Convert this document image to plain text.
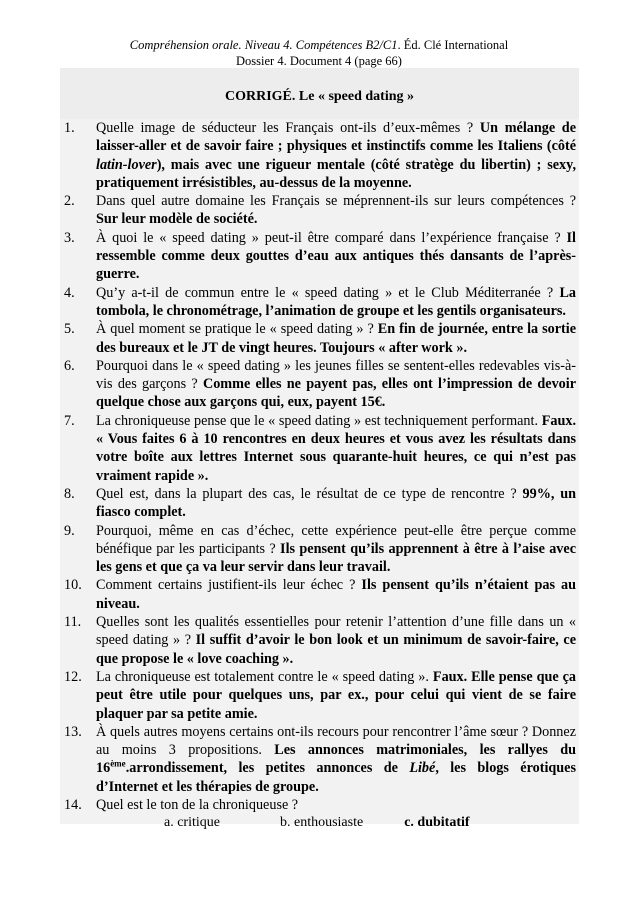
Compréhension orale. Niveau 4. Compétences B2/C1. Éd. Clé International
Dossier 4. Document 4 (page 66)
CORRIGÉ. Le « speed dating »
1.	Quelle image de séducteur les Français ont-ils d’eux-mêmes ? Un mélange de laisser-aller et de savoir faire ; physiques et instinctifs comme les Italiens (côté latin-lover), mais avec une rigueur mentale (côté stratège du libertin) ; sexy, pratiquement irrésistibles, au-dessus de la moyenne.
2.	Dans quel autre domaine les Français se méprennent-ils sur leurs compétences ? Sur leur modèle de société.
3.	À quoi le « speed dating » peut-il être comparé dans l’expérience française ? Il ressemble comme deux gouttes d’eau aux antiques thés dansants de l’après-guerre.
4.	Qu’y a-t-il de commun entre le « speed dating » et le Club Méditerranée ? La tombola, le chronométrage, l’animation de groupe et les gentils organisateurs.
5.	À quel moment se pratique le « speed dating » ? En fin de journée, entre la sortie des bureaux et le JT de vingt heures. Toujours « after work ».
6.	Pourquoi dans le « speed dating » les jeunes filles se sentent-elles redevables vis-à-vis des garçons ? Comme elles ne payent pas, elles ont l’impression de devoir quelque chose aux garçons qui, eux, payent 15€.
7.	La chroniqueuse pense que le « speed dating » est techniquement performant. Faux. « Vous faites 6 à 10 rencontres en deux heures et vous avez les résultats dans votre boîte aux lettres Internet sous quarante-huit heures, ce qui n’est pas vraiment rapide ».
8.	Quel est, dans la plupart des cas, le résultat de ce type de rencontre ? 99%, un fiasco complet.
9.	Pourquoi, même en cas d’échec, cette expérience peut-elle être perçue comme bénéfique par les participants ? Ils pensent qu’ils apprennent à être à l’aise avec les gens et que ça va leur servir dans leur travail.
10.	Comment certains justifient-ils leur échec ? Ils pensent qu’ils n’étaient pas au niveau.
11.	Quelles sont les qualités essentielles pour retenir l’attention d’une fille dans un « speed dating » ? Il suffit d’avoir le bon look et un minimum de savoir-faire, ce que propose le « love coaching ».
12.	La chroniqueuse est totalement contre le « speed dating ». Faux. Elle pense que ça peut être utile pour quelques uns, par ex., pour celui qui vient de se faire plaquer par sa petite amie.
13.	À quels autres moyens certains ont-ils recours pour rencontrer l’âme sœur ? Donnez au moins 3 propositions. Les annonces matrimoniales, les rallyes du 16ème.arrondissement, les petites annonces de Libé, les blogs érotiques d’Internet et les thérapies de groupe.
14.	Quel est le ton de la chroniqueuse ?
a. critique	b. enthousiaste	c. dubitatif
